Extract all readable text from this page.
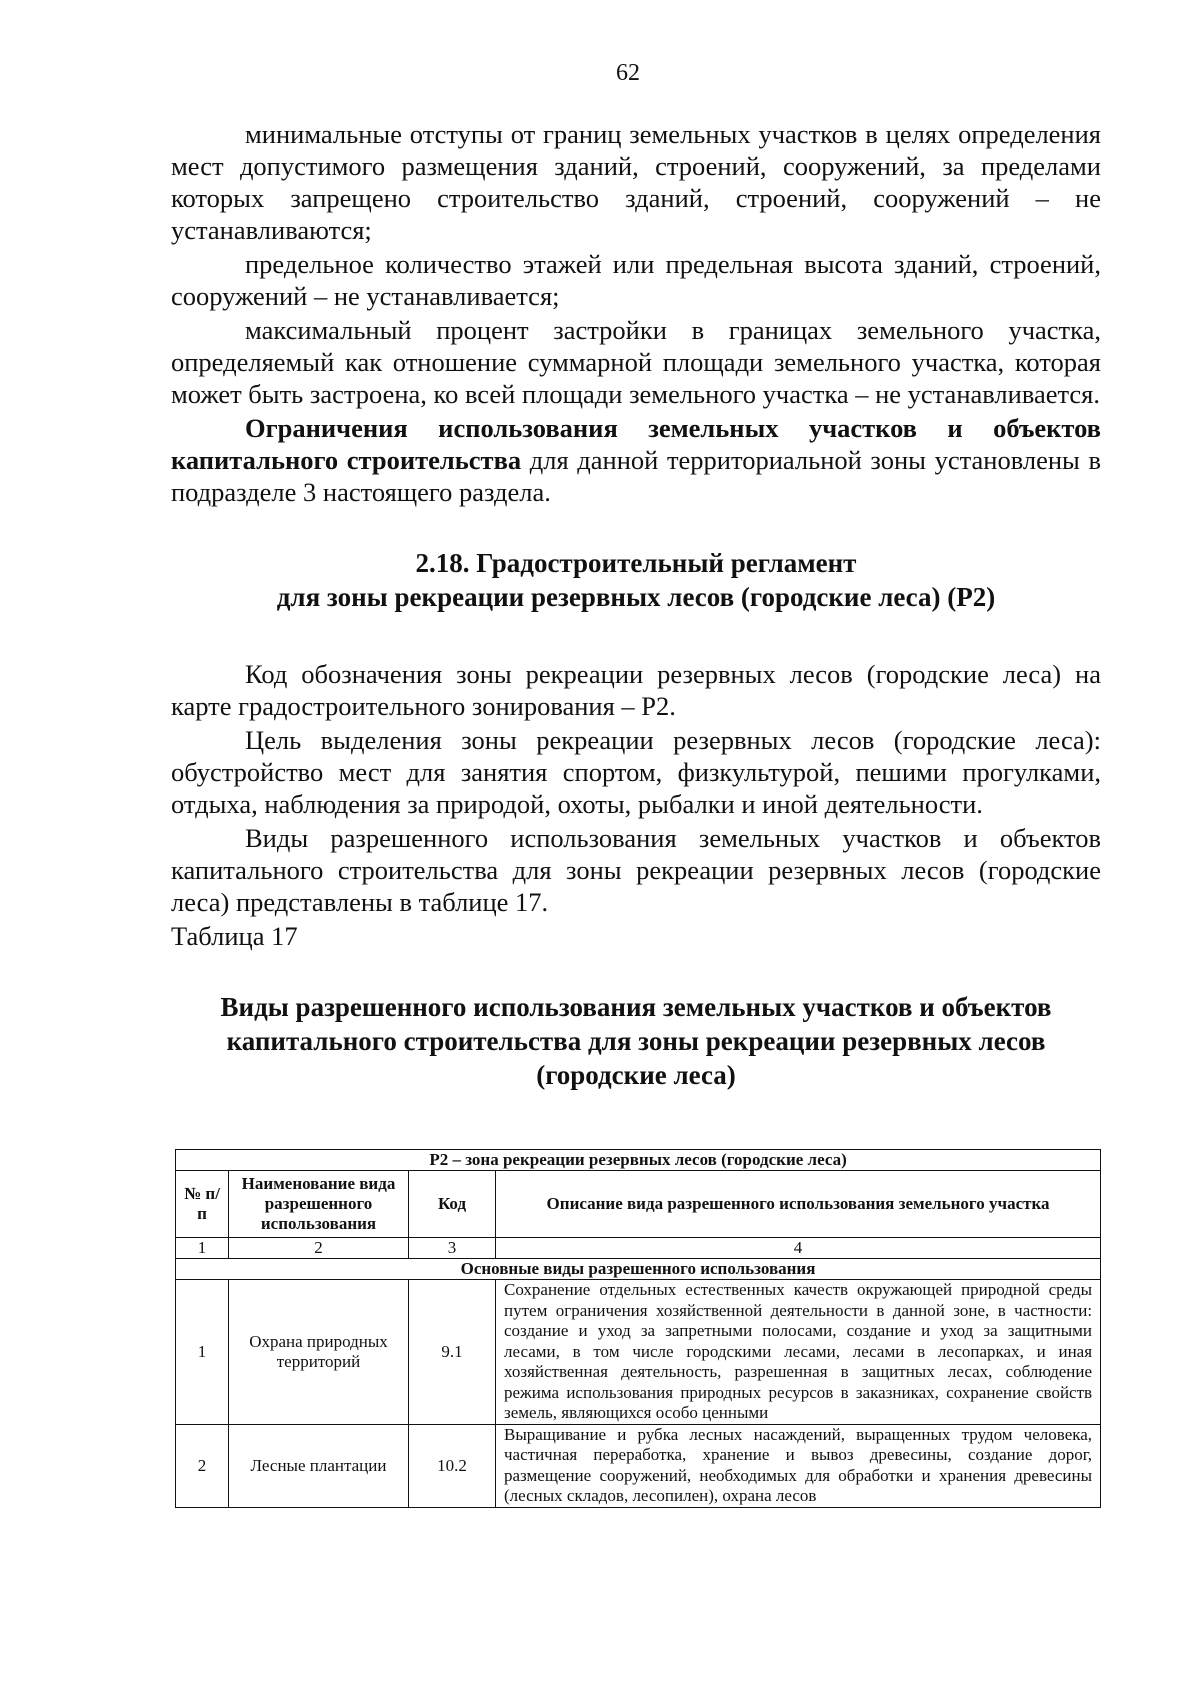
62

минимальные отступы от границ земельных участков в целях определения мест допустимого размещения зданий, строений, сооружений, за пределами которых запрещено строительство зданий, строений, сооружений – не устанавливаются;

предельное количество этажей или предельная высота зданий, строений, сооружений – не устанавливается;

максимальный процент застройки в границах земельного участка, определяемый как отношение суммарной площади земельного участка, которая может быть застроена, ко всей площади земельного участка – не устанавливается.

Ограничения использования земельных участков и объектов капитального строительства для данной территориальной зоны установлены в подразделе 3 настоящего раздела.

2.18. Градостроительный регламент
для зоны рекреации резервных лесов (городские леса) (Р2)

Код обозначения зоны рекреации резервных лесов (городские леса) на карте градостроительного зонирования – Р2.

Цель выделения зоны рекреации резервных лесов (городские леса): обустройство мест для занятия спортом, физкультурой, пешими прогулками, отдыха, наблюдения за природой, охоты, рыбалки и иной деятельности.

Виды разрешенного использования земельных участков и объектов капитального строительства для зоны рекреации резервных лесов (городские леса) представлены в таблице 17.

Таблица 17

Виды разрешенного использования земельных участков и объектов
капитального строительства для зоны рекреации резервных лесов
(городские леса)
Р2 – зона рекреации резервных лесов (городские леса)			
№ п/п	Наименование вида разрешенного использования	Код	Описание вида разрешенного использования земельного участка
1	2	3	4
Основные виды разрешенного использования			
1	Охрана природных территорий	9.1	Сохранение отдельных естественных качеств окружающей природной среды путем ограничения хозяйственной деятельности в данной зоне, в частности: создание и уход за запретными полосами, создание и уход за защитными лесами, в том числе городскими лесами, лесами в лесопарках, и иная хозяйственная деятельность, разрешенная в защитных лесах, соблюдение режима использования природных ресурсов в заказниках, сохранение свойств земель, являющихся особо ценными
2	Лесные плантации	10.2	Выращивание и рубка лесных насаждений, выращенных трудом человека, частичная переработка, хранение и вывоз древесины, создание дорог, размещение сооружений, необходимых для обработки и хранения древесины (лесных складов, лесопилен), охрана лесов
